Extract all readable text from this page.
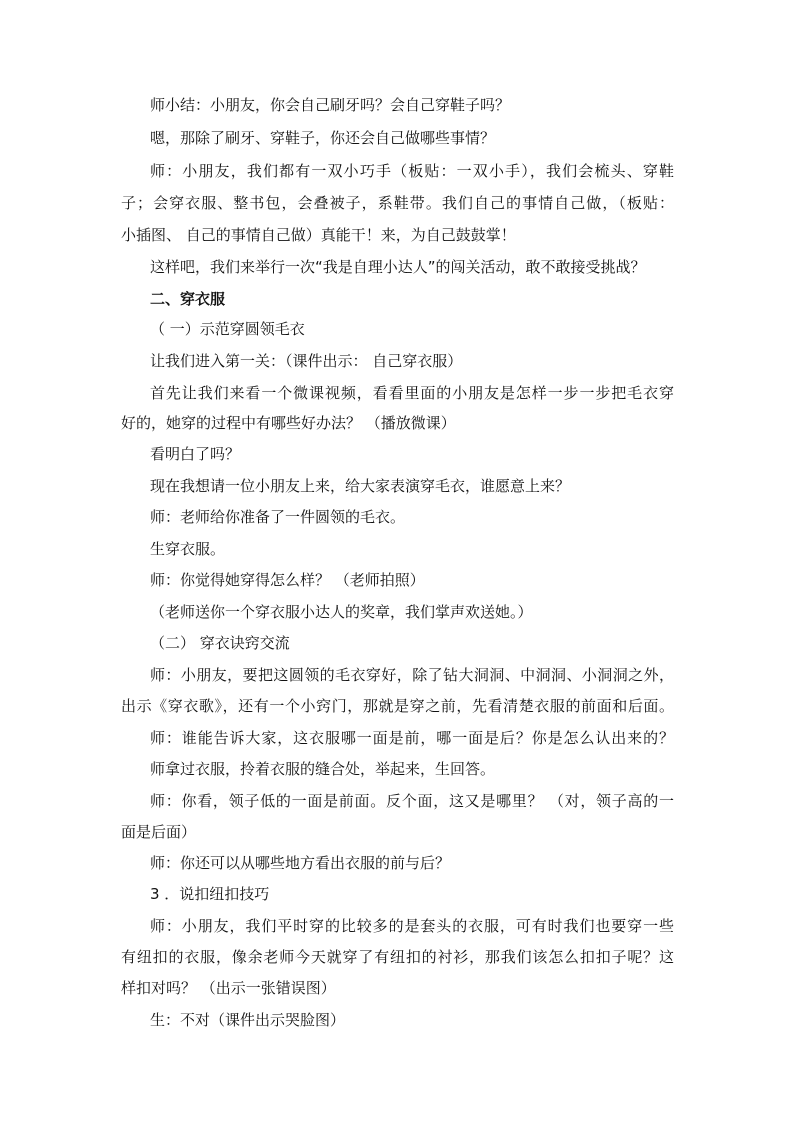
师小结：小朋友，你会自己刷牙吗？会自己穿鞋子吗？
嗯，那除了刷牙、穿鞋子，你还会自己做哪些事情？
师：小朋友，我们都有一双小巧手（板贴：一双小手），我们会梳头、穿鞋
子；会穿衣服、整书包，会叠被子，系鞋带。我们自己的事情自己做，（板贴：
小插图、 自己的事情自己做）真能干！来，为自己鼓鼓掌！
这样吧，我们来举行一次“我是自理小达人”的闯关活动，敢不敢接受挑战？
二、穿衣服
（ 一）示范穿圆领毛衣
让我们进入第一关：（课件出示： 自己穿衣服）
首先让我们来看一个微课视频，看看里面的小朋友是怎样一步一步把毛衣穿
好的，她穿的过程中有哪些好办法？ （播放微课）
看明白了吗？
现在我想请一位小朋友上来，给大家表演穿毛衣，谁愿意上来？
师：老师给你准备了一件圆领的毛衣。
生穿衣服。
师：你觉得她穿得怎么样？ （老师拍照）
（老师送你一个穿衣服小达人的奖章，我们掌声欢送她。）
（二） 穿衣诀窍交流
师：小朋友，要把这圆领的毛衣穿好，除了钻大洞洞、中洞洞、小洞洞之外，
出示《穿衣歌》，还有一个小窍门，那就是穿之前，先看清楚衣服的前面和后面。
师：谁能告诉大家，这衣服哪一面是前，哪一面是后？你是怎么认出来的？
师拿过衣服，拎着衣服的缝合处，举起来，生回答。
师：你看，领子低的一面是前面。反个面，这又是哪里？ （对，领子高的一
面是后面）
师：你还可以从哪些地方看出衣服的前与后？
3 ．说扣纽扣技巧
师：小朋友，我们平时穿的比较多的是套头的衣服，可有时我们也要穿一些
有纽扣的衣服，像余老师今天就穿了有纽扣的衬衫，那我们该怎么扣扣子呢？这
样扣对吗？ （出示一张错误图）
生：不对（课件出示哭脸图）
